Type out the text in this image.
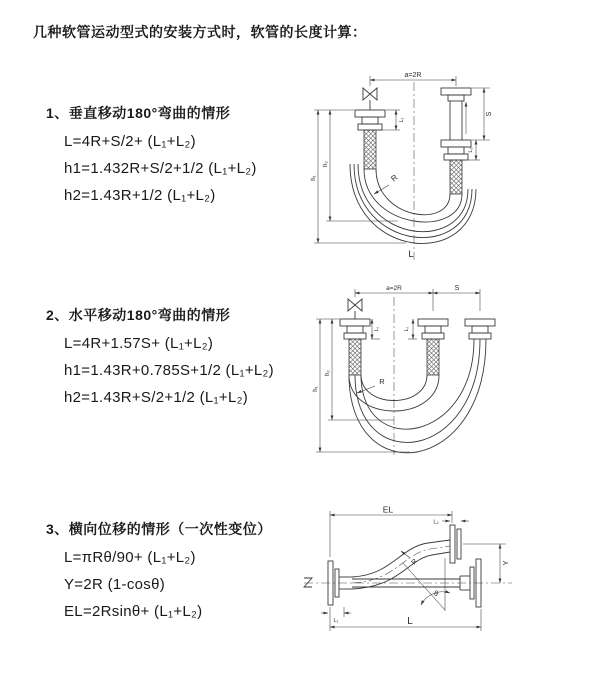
几种软管运动型式的安装方式时，软管的长度计算：
1、垂直移动180°弯曲的情形
L=4R+S/2+ (L₁+L₂)
h1=1.432R+S/2+1/2 (L₁+L₂)
h2=1.43R+1/2 (L₁+L₂)
2、水平移动180°弯曲的情形
L=4R+1.57S+ (L₁+L₂)
h1=1.43R+0.785S+1/2 (L₁+L₂)
h2=1.43R+S/2+1/2 (L₁+L₂)
3、横向位移的情形（一次性变位）
L=πRθ/90+ (L₁+L₂)
Y=2R (1-cosθ)
EL=2Rsinθ+ (L₁+L₂)
a=2R
S
L₂
L₁
h₁
h₂
R
L
a=2R	S
L₁	L₂
h₁
h₂
R
EL
L₂
Y
L
L₁
R
θ
